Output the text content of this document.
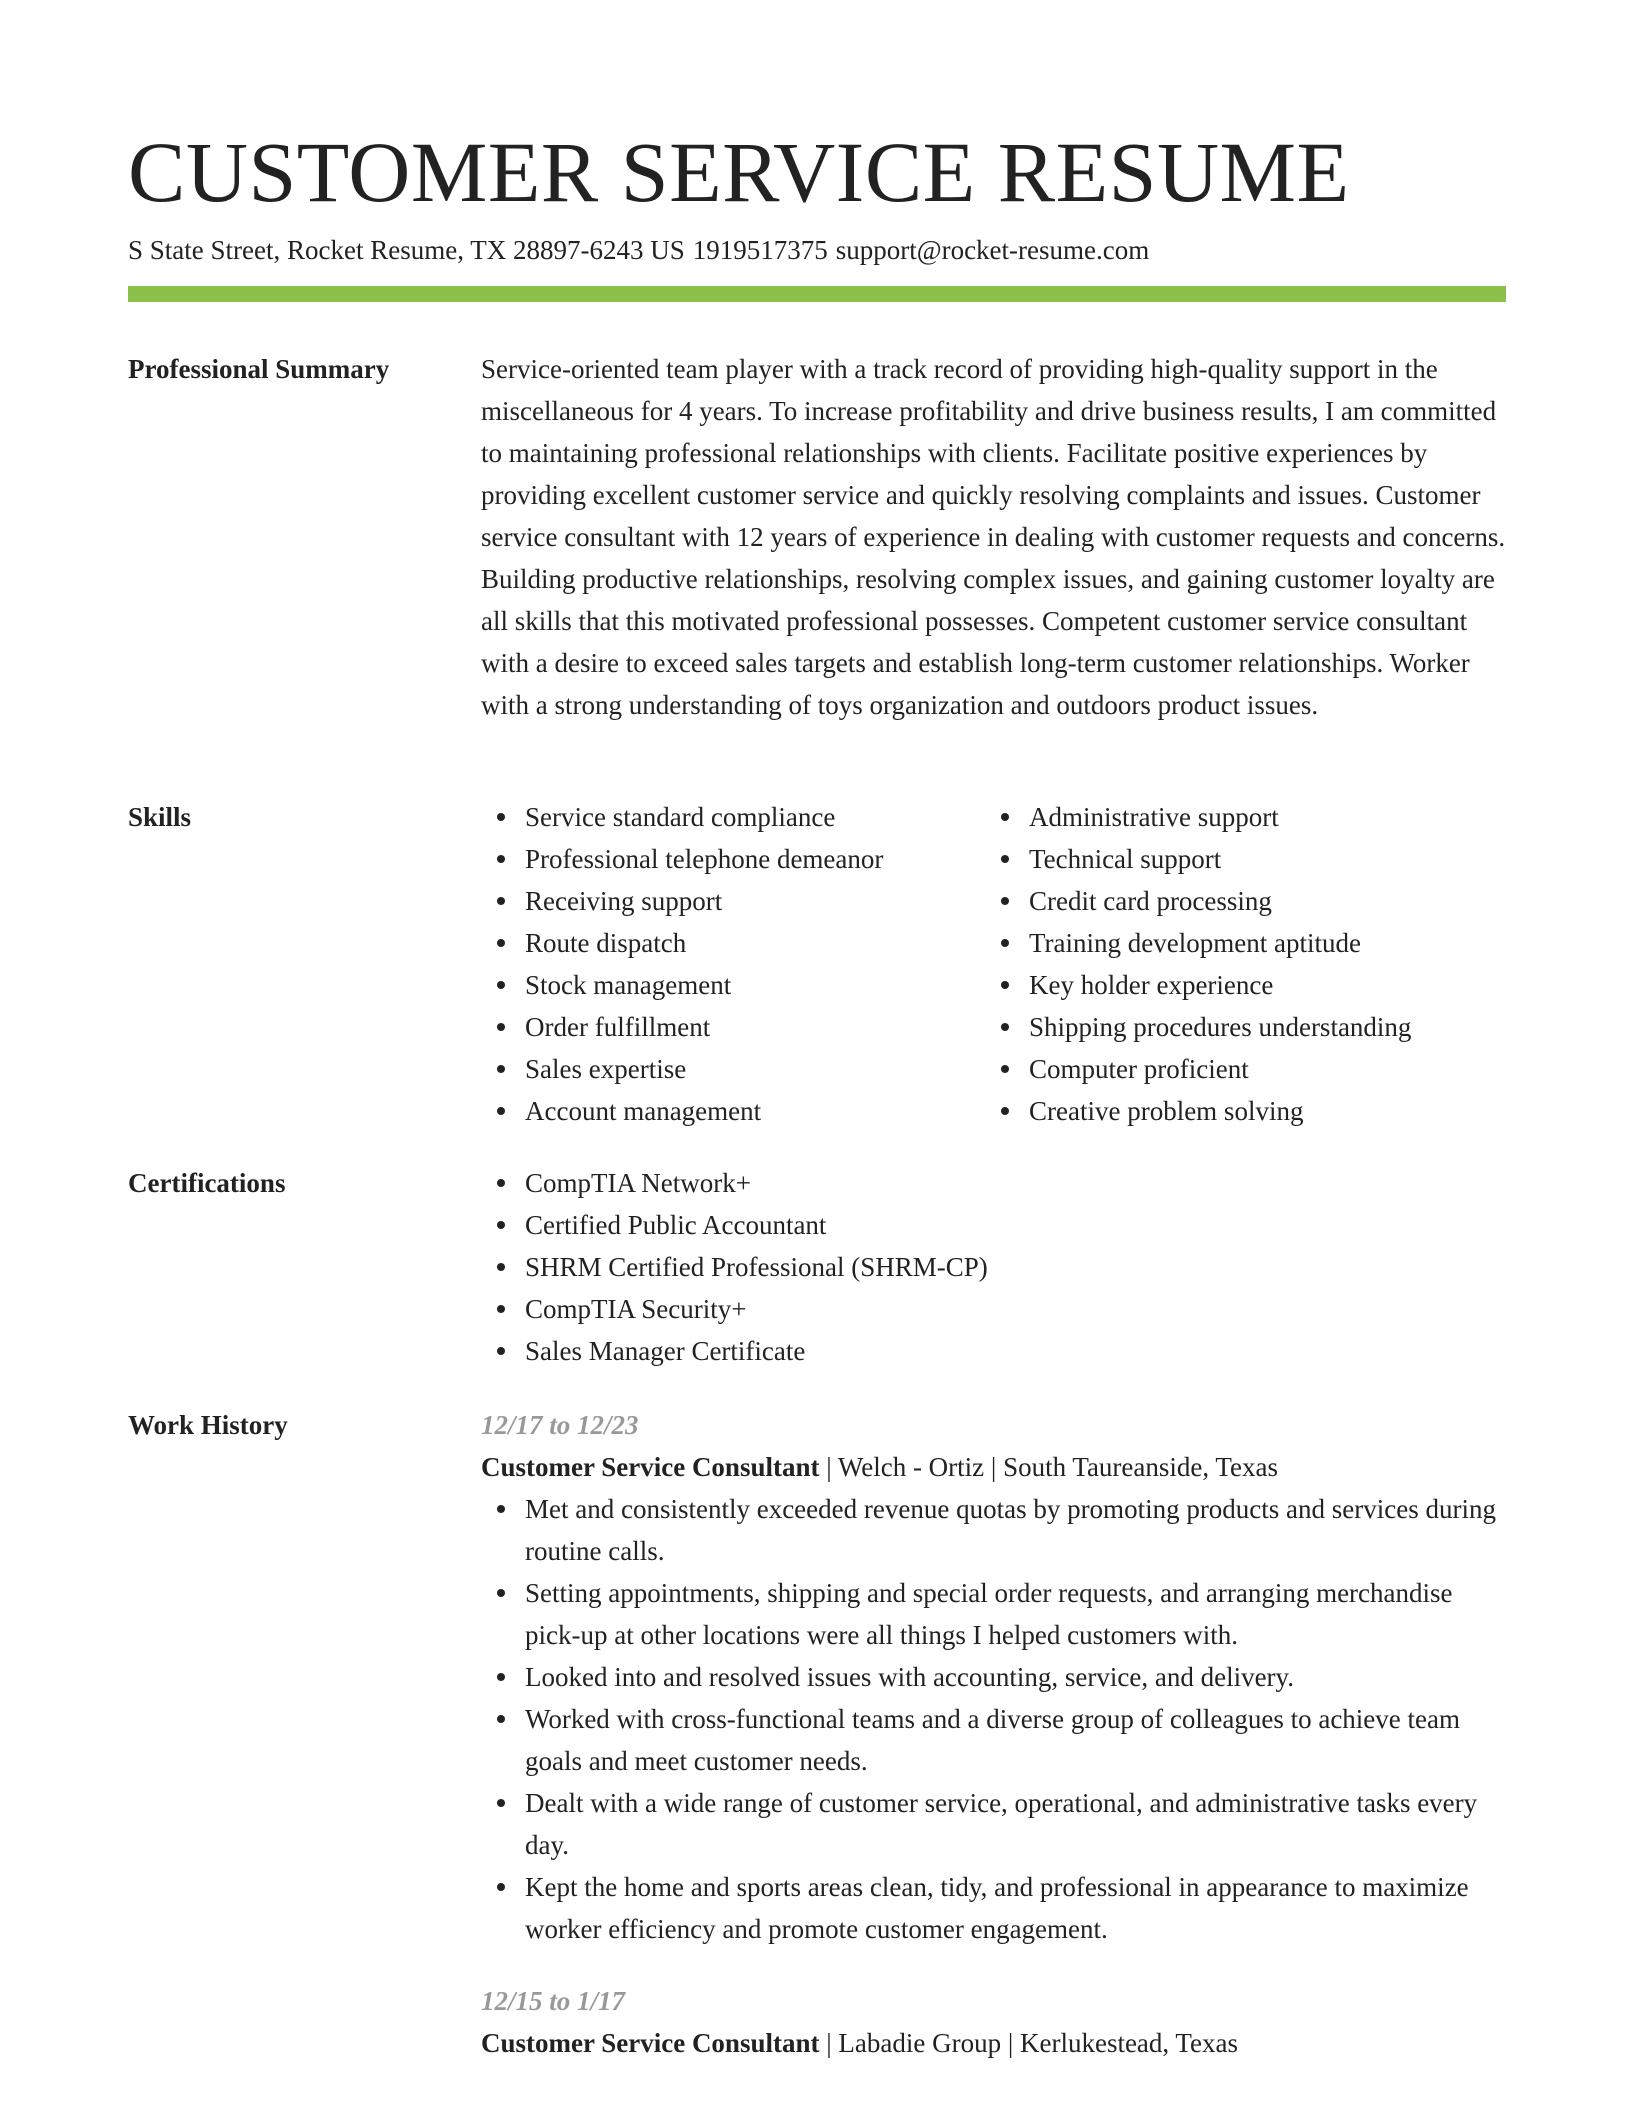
CUSTOMER SERVICE RESUME
S State Street, Rocket Resume, TX 28897-6243 US 1919517375 support@rocket-resume.com
Professional Summary	Service-oriented team player with a track record of providing high-quality support in the miscellaneous for 4 years. To increase profitability and drive business results, I am committed to maintaining professional relationships with clients. Facilitate positive experiences by providing excellent customer service and quickly resolving complaints and issues. Customer service consultant with 12 years of experience in dealing with customer requests and concerns. Building productive relationships, resolving complex issues, and gaining customer loyalty are all skills that this motivated professional possesses. Competent customer service consultant with a desire to exceed sales targets and establish long-term customer relationships. Worker with a strong understanding of toys organization and outdoors product issues.

Skills	Service standard compliance
Professional telephone demeanor
Receiving support
Route dispatch
Stock management
Order fulfillment
Sales expertise
Account management
Administrative support
Technical support
Credit card processing
Training development aptitude
Key holder experience
Shipping procedures understanding
Computer proficient
Creative problem solving
Certifications	CompTIA Network+
Certified Public Accountant
SHRM Certified Professional (SHRM-CP)
CompTIA Security+
Sales Manager Certificate
Work History	12/17 to 12/23
Customer Service Consultant | Welch - Ortiz | South Taureanside, Texas
Met and consistently exceeded revenue quotas by promoting products and services during routine calls.
Setting appointments, shipping and special order requests, and arranging merchandise pick-up at other locations were all things I helped customers with.
Looked into and resolved issues with accounting, service, and delivery.
Worked with cross-functional teams and a diverse group of colleagues to achieve team goals and meet customer needs.
Dealt with a wide range of customer service, operational, and administrative tasks every day.
Kept the home and sports areas clean, tidy, and professional in appearance to maximize worker efficiency and promote customer engagement.
12/15 to 1/17
Customer Service Consultant | Labadie Group | Kerlukestead, Texas
